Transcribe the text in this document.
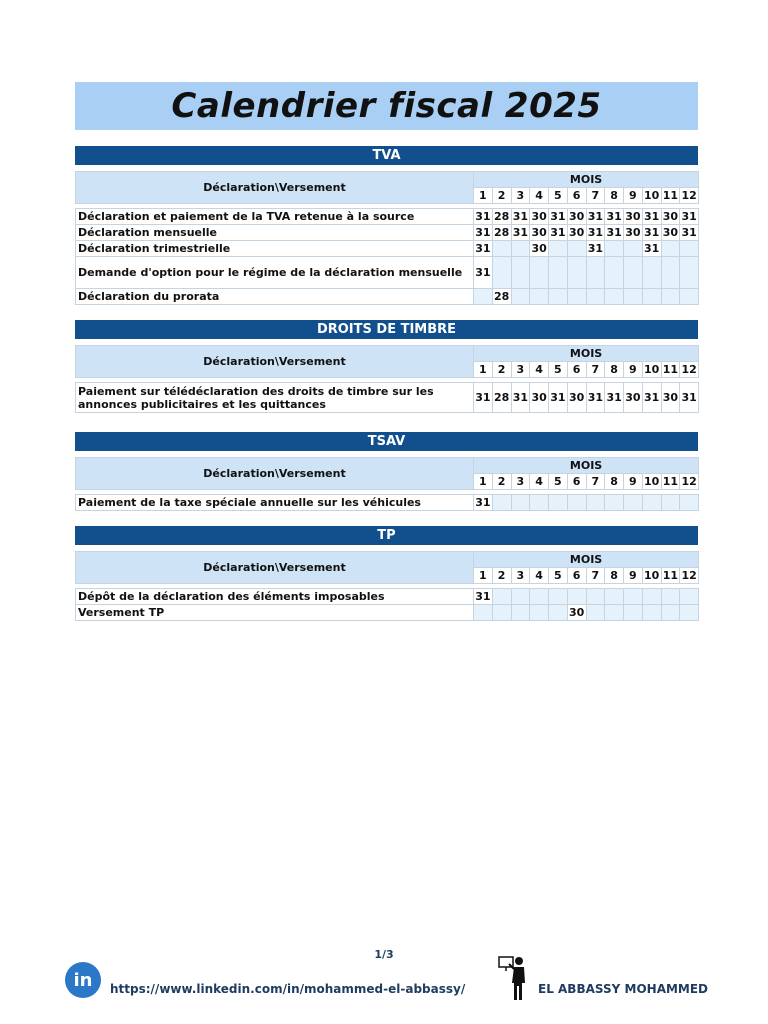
Calendrier fiscal 2025
TVA
Déclaration\Versement	MOIS											
	1	2	3	4	5	6	7	8	9	10	11	12

Déclaration et paiement de la TVA retenue à la source	31	28	31	30	31	30	31	31	30	31	30	31
Déclaration mensuelle	31	28	31	30	31	30	31	31	30	31	30	31
Déclaration trimestrielle	31			30			31			31		
Demande d'option pour le régime de la déclaration mensuelle	31											
Déclaration du prorata		28										
DROITS DE TIMBRE
Déclaration\Versement	MOIS											
	1	2	3	4	5	6	7	8	9	10	11	12

Paiement sur télédéclaration des droits de timbre sur les annonces publicitaires et les quittances	31	28	31	30	31	30	31	31	30	31	30	31
TSAV
Déclaration\Versement	MOIS											
	1	2	3	4	5	6	7	8	9	10	11	12

Paiement de la taxe spéciale annuelle sur les véhicules	31											
TP
Déclaration\Versement	MOIS											
	1	2	3	4	5	6	7	8	9	10	11	12

Dépôt de la déclaration des éléments imposables	31											
Versement TP						30						
1/3
in	https://www.linkedin.com/in/mohammed-el-abbassy/	EL ABBASSY MOHAMMED
